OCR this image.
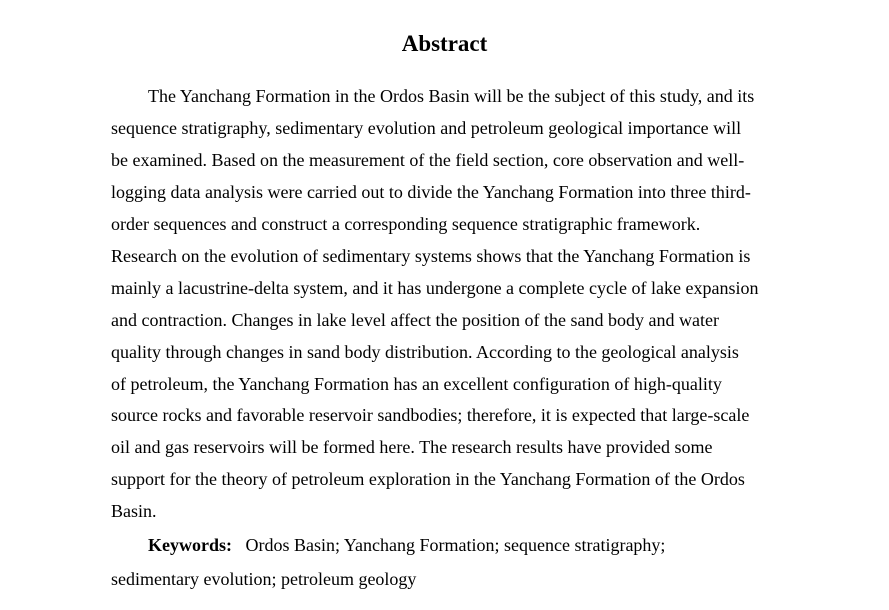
Abstract
The Yanchang Formation in the Ordos Basin will be the subject of this study, and its
sequence stratigraphy, sedimentary evolution and petroleum geological importance will
be examined. Based on the measurement of the field section, core observation and well-
logging data analysis were carried out to divide the Yanchang Formation into three third-
order sequences and construct a corresponding sequence stratigraphic framework.
Research on the evolution of sedimentary systems shows that the Yanchang Formation is
mainly a lacustrine-delta system, and it has undergone a complete cycle of lake expansion
and contraction. Changes in lake level affect the position of the sand body and water
quality through changes in sand body distribution. According to the geological analysis
of petroleum, the Yanchang Formation has an excellent configuration of high-quality
source rocks and favorable reservoir sandbodies; therefore, it is expected that large-scale
oil and gas reservoirs will be formed here. The research results have provided some
support for the theory of petroleum exploration in the Yanchang Formation of the Ordos
Basin.
Keywords: Ordos Basin; Yanchang Formation; sequence stratigraphy;
sedimentary evolution; petroleum geology
